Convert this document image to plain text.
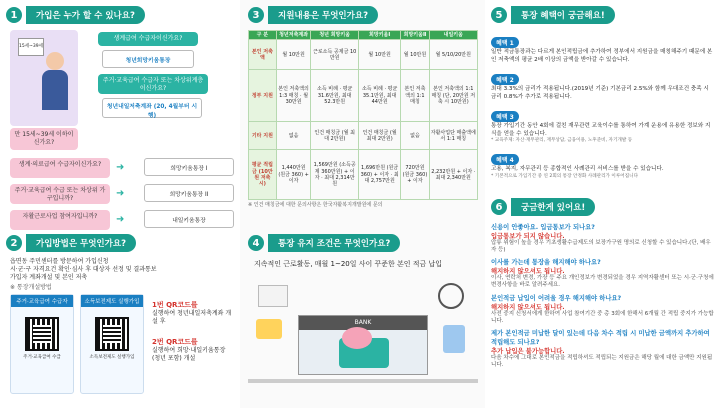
1	가입은 누가 할 수 있나요?
15세~39세
만 15세~39세 이하이신가요?
생계급여 수급자이신가요?
청년희망키움통장
주거·교육급여 수급자 또는 차상위계층이신가요?
청년내일저축계좌 (20, 4월부터 시행)
생계·의료급여 수급자이신가요?
희망키움통장 I
주거·교육급여 수급 또는 차상위 가구입니까?	희망키움통장 II
자활근로사업 참여자입니까?
내일키움통장
➜
➜
➜
2	가입방법은 무엇인가요?
읍면동 주민센터를 방문하여 가입신청
시·군·구 자격요건 확인·심사 후 대상자 선정 및 결과통보
가입자 계좌개설 및 본인 저축
※ 통장개설방법
주거·교육급여 수급자
주거·교육급여 수급
소득보전제도 실행가입
소득보전제도 실행가입
1번 QR코드를
실행하여 청년내일저축계좌 개설 후
2번 QR코드를
실행하여 희망·내일키움통장 (청년 포함) 개설
3	지원내용은 무엇인가요?
구 분	청년저축계좌	청년 희망키움	희망키움Ⅰ	희망키움Ⅱ	내일키움
본인 저축액	월 10만원	근로소득 공제금 10만원	월 10만원	월 10만원	월 5/10/20만원
정부 지원	본인 저축액의 1:3 매칭 · 월 30만원	소득 비례 · 평균 31.6만원, 최대 52.3만원	소득 비례 · 평균 35.1만원, 최대 44만원	본인 저축액의 1:1 매칭	본인 저축액의 1:1 매칭 (단, 20만원 저축 시 10만원)
기타 지원	없음	인건 매칭금 (월 최대 2만원)	인건 매칭금 (월 최대 2만원)	없음	자활사업단 매출액에서 1:1 매칭
평균 적립금 (10만원 저축 시)	1,440만원 (원금 360) + 이자	1,569만원 (소득공제 360만원) + 이자 · 최대 2,314만원	1,696만원 (원금 360) + 이자 · 최대 2,757만원	720만원 (원금 360) + 이자	2,232만원 + 이자 · 최대 2,340만원
※ 인건 매칭금에 대한 문의사항은 한국자활복지개발원에 문의
4	통장 유지 조건은 무엇인가요?
지속적인 근로활동, 매월 1~20일 사이 꾸준한 본인 적금 납입
BANK
5	통장 혜택이 궁금해요!
혜택 1
일반 적금통장과는 다르게 본인적립금에 추가하여 정부에서 지원금을 매칭해주기 때문에 본인 저축액의 평균 2배 이상의 금액을 받아갈 수 있습니다.
혜택 2
최대 3.3%의 금리가 적용됩니다.(2019년 기준) 기본금리 2.5%와 함께 우대조건 충족 시 금리 0.8%가 추가로 적용됩니다.
혜택 3
통장 가입기간 동안 4회에 걸친 재무관련 교육이수를 통하여 가계 운용에 유용한 정보와 지식을 얻을 수 있습니다.
* 교육주제: 자산·재무관리, 재무상담, 금융이용, 노후준비, 자기개발 등
혜택 4
고용, 복지, 자무관리 등 종합적인 사례관리 서비스를 받을 수 있습니다.
* 기본적으로 가입기간 중 연 2회의 통장 안정화 사례관리가 이루어집니다
6	궁금한게 있어요!
신용이 안좋아요. 입금통보가 되나요?
입금통보가 되지 않습니다.
압류 위험이 높을 경우 기초생활수급제도의 보장가구원 명의로 신청할 수 있습니다.(단, 배우자 등)
이사를 가는데 통장을 해지해야 하나요?
해지하지 않으셔도 됩니다.
이사, 연락처 변경, 가장 등 주요 개인정보가 변경되었을 경우 지역자활센터 또는 시·군·구청에 변경사항을 바로 알려주세요.
본인적금 납입이 어려울 경우 해지해야 하나요?
해지하지 않으셔도 됩니다.
사전 중지 신청서에게 한하여 사업 참여기간 중 총 3회에 한해서 6개월 간 적립 중지가 가능합니다.
제가 본인적금 미납한 달이 있는데 다음 차수 적립 시 미납한 금액까지 추가하여 적립해도 되나요?
추가 납입은 불가능합니다.
다음 차수에 그대로 본인적금을 적립하셔도 적립되는 지원금은 해당 월에 대한 금액만 지원됩니다.
